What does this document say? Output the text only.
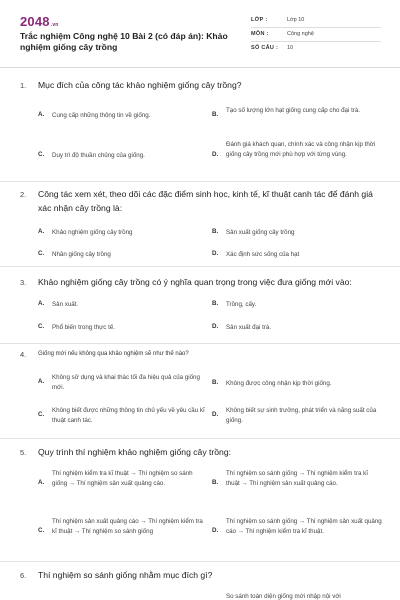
2048.vn
Trắc nghiệm Công nghệ 10 Bài 2 (có đáp án): Khảo nghiệm giống cây trồng
LỚP :	Lớp 10
MÔN :	Công nghệ
SỐ CÂU : 10
1. Mục đích của công tác khảo nghiệm giống cây trồng?
A. Cung cấp những thông tin về giống.	B.
Tạo số lượng lớn hạt giống cung cấp cho đại trà.
C. Duy trì độ thuần chủng của giống.	D.
Đánh giá khách quan, chính xác và công nhận kịp thời giống cây trồng mới phù hợp với từng vùng.
2. Công tác xem xét, theo dõi các đặc điểm sinh học, kinh tế, kĩ thuật canh tác để đánh giá xác nhận cây trồng là:
A. Khảo nghiệm giống cây trồng	B. Sản xuất giống cây trồng
C. Nhân giống cây trồng	D. Xác định sức sống của hạt
3. Khảo nghiệm giống cây trồng có ý nghĩa quan trọng trong việc đưa giống mới vào:
A. Sản xuất.	B. Trồng, cấy.
C. Phổ biến trong thực tế.	D. Sản xuất đại trà.
4. Giống mới nếu không qua khảo nghiệm sẽ như thế nào?
A.
Không sử dụng và khai thác tối đa hiệu quả của giống mới.
B. Không được công nhận kịp thời giống.
C.
Không biết được những thông tin chủ yếu về yêu cầu kĩ thuật canh tác.
D.
Không biết sự sinh trưởng, phát triển và năng suất của giống.
5. Quy trình thí nghiệm khảo nghiệm giống cây trồng:
A.
Thí nghiệm kiểm tra kĩ thuật → Thí nghiệm so sánh giống → Thí nghiệm sản xuất quảng cáo.	B.
Thí nghiệm so sánh giống → Thí nghiệm kiểm tra kĩ thuật → Thí nghiệm sản xuất quảng cáo.
C.
Thí nghiệm sản xuất quảng cáo → Thí nghiệm kiểm tra kĩ thuật → Thí nghiệm so sánh giống	D.
Thí nghiệm so sánh giống → Thí nghiệm sản xuất quảng cáo → Thí nghiệm kiểm tra kĩ thuật.
6. Thí nghiệm so sánh giống nhằm mục đích gì?
So sánh toàn diện giống mới nhập nội với
